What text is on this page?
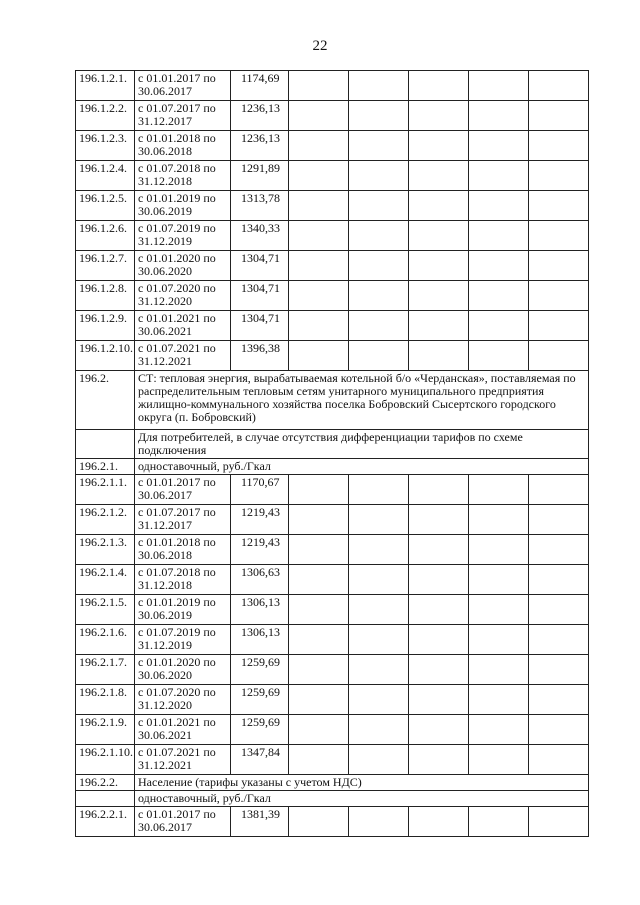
22
196.1.2.1.	с 01.01.2017 по 30.06.2017	1174,69					
196.1.2.2.	с 01.07.2017 по 31.12.2017	1236,13					
196.1.2.3.	с 01.01.2018 по 30.06.2018	1236,13					
196.1.2.4.	с 01.07.2018 по 31.12.2018	1291,89					
196.1.2.5.	с 01.01.2019 по 30.06.2019	1313,78					
196.1.2.6.	с 01.07.2019 по 31.12.2019	1340,33					
196.1.2.7.	с 01.01.2020 по 30.06.2020	1304,71					
196.1.2.8.	с 01.07.2020 по 31.12.2020	1304,71					
196.1.2.9.	с 01.01.2021 по 30.06.2021	1304,71					
196.1.2.10.	с 01.07.2021 по 31.12.2021	1396,38					
196.2.	СТ: тепловая энергия, вырабатываемая котельной б/о «Черданская», поставляемая по распределительным тепловым сетям унитарного муниципального предприятия жилищно-коммунального хозяйства поселка Бобровский Сысертского городского округа (п. Бобровский)						
	Для потребителей, в случае отсутствия дифференциации тарифов по схеме подключения						
196.2.1.	одноставочный, руб./Гкал						
196.2.1.1.	с 01.01.2017 по 30.06.2017	1170,67					
196.2.1.2.	с 01.07.2017 по 31.12.2017	1219,43					
196.2.1.3.	с 01.01.2018 по 30.06.2018	1219,43					
196.2.1.4.	с 01.07.2018 по 31.12.2018	1306,63					
196.2.1.5.	с 01.01.2019 по 30.06.2019	1306,13					
196.2.1.6.	с 01.07.2019 по 31.12.2019	1306,13					
196.2.1.7.	с 01.01.2020 по 30.06.2020	1259,69					
196.2.1.8.	с 01.07.2020 по 31.12.2020	1259,69					
196.2.1.9.	с 01.01.2021 по 30.06.2021	1259,69					
196.2.1.10.	с 01.07.2021 по 31.12.2021	1347,84					
196.2.2.	Население (тарифы указаны с учетом НДС)						
	одноставочный, руб./Гкал						
196.2.2.1.	с 01.01.2017 по 30.06.2017	1381,39					
